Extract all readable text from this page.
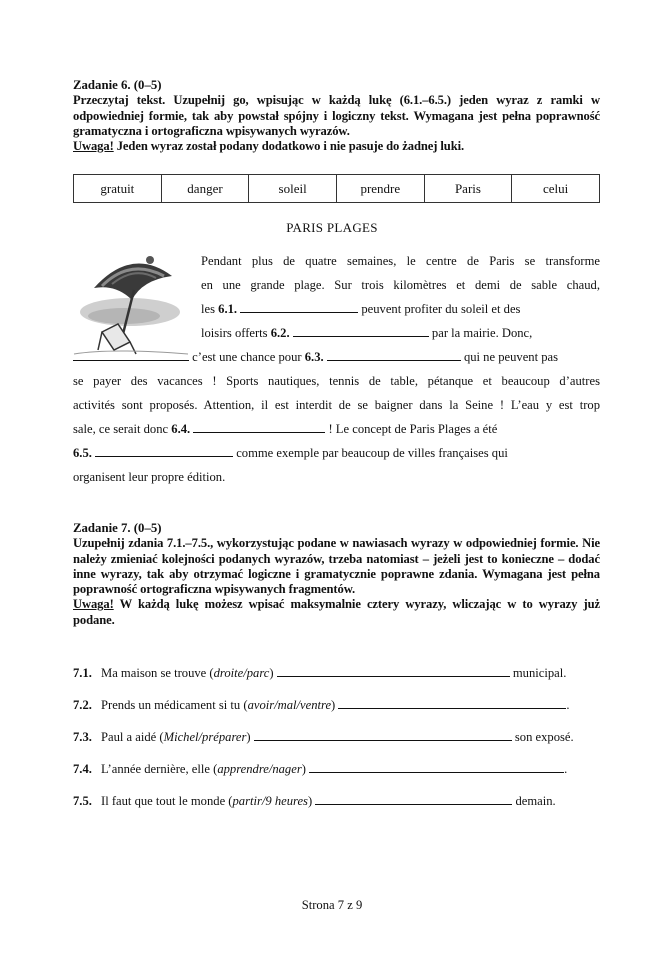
Zadanie 6. (0–5)
Przeczytaj tekst. Uzupełnij go, wpisując w każdą lukę (6.1.–6.5.) jeden wyraz z ramki w odpowiedniej formie, tak aby powstał spójny i logiczny tekst. Wymagana jest pełna poprawność gramatyczna i ortograficzna wpisywanych wyrazów.
Uwaga! Jeden wyraz został podany dodatkowo i nie pasuje do żadnej luki.
gratuit	danger	soleil	prendre	Paris	celui
PARIS PLAGES
Pendant plus de quatre semaines, le centre de Paris se transforme
en une grande plage. Sur trois kilomètres et demi de sable chaud,
les 6.1.	peuvent profiter du soleil et des
loisirs offerts 6.2.	par la mairie. Donc,
c’est une chance pour 6.3.	qui ne peuvent pas
se payer des vacances ! Sports nautiques, tennis de table, pétanque et beaucoup d’autres
activités sont proposés. Attention, il est interdit de se baigner dans la Seine ! L’eau y est trop
sale, ce serait donc 6.4.	! Le concept de Paris Plages a été
6.5.	comme exemple par beaucoup de villes françaises qui
organisent leur propre édition.
Zadanie 7. (0–5)
Uzupełnij zdania 7.1.–7.5., wykorzystując podane w nawiasach wyrazy w odpowiedniej formie. Nie należy zmieniać kolejności podanych wyrazów, trzeba natomiast – jeżeli jest to konieczne – dodać inne wyrazy, tak aby otrzymać logiczne i gramatycznie poprawne zdania. Wymagana jest pełna poprawność ortograficzna wpisywanych fragmentów.
Uwaga! W każdą lukę możesz wpisać maksymalnie cztery wyrazy, wliczając w to wyrazy już podane.
7.1. Ma maison se trouve (droite/parc)	municipal.
7.2. Prends un médicament si tu (avoir/mal/ventre)	.
7.3. Paul a aidé (Michel/préparer)	son exposé.
7.4. L’année dernière, elle (apprendre/nager)	.
7.5. Il faut que tout le monde (partir/9 heures)	demain.
Strona 7 z 9
